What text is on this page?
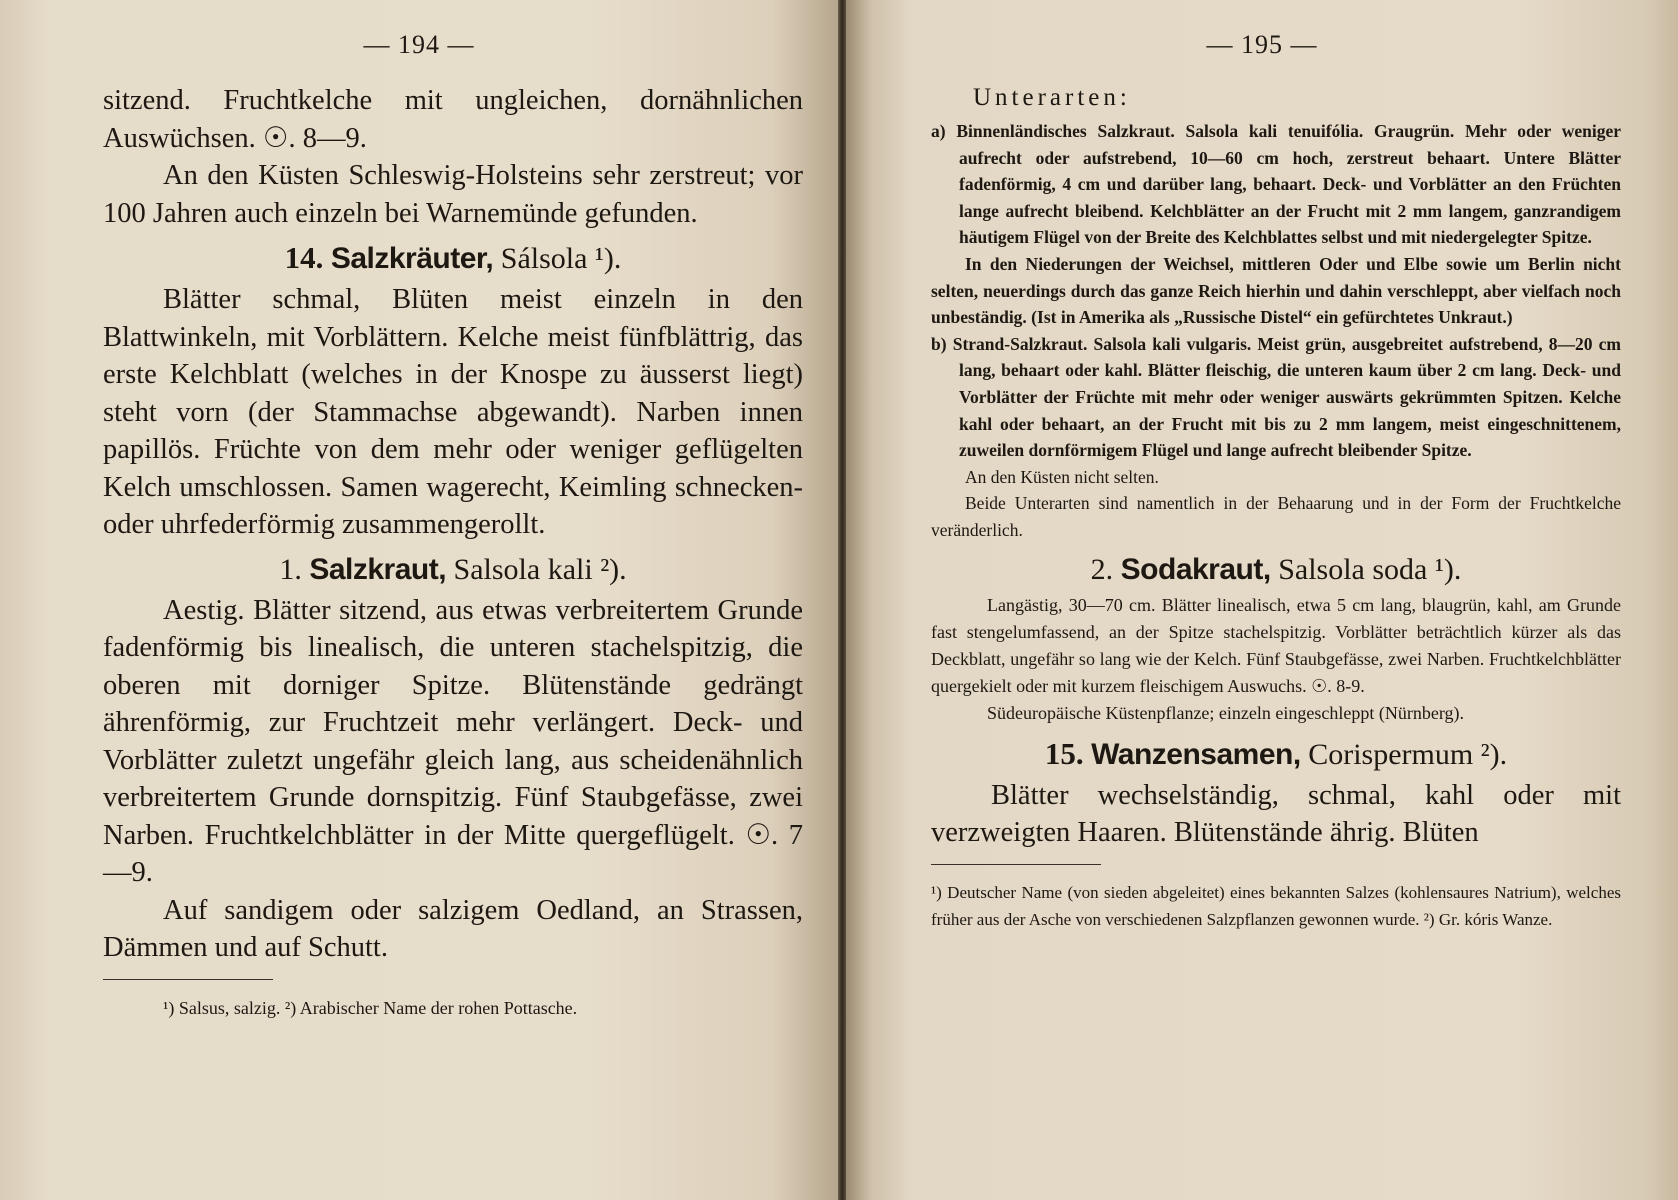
— 194 —

sitzend. Fruchtkelche mit ungleichen, dornähnlichen Auswüchsen. ☉. 8—9.

An den Küsten Schleswig-Holsteins sehr zerstreut; vor 100 Jahren auch einzeln bei Warnemünde gefunden.

14. Salzkräuter, Sálsola ¹).

Blätter schmal, Blüten meist einzeln in den Blattwinkeln, mit Vorblättern. Kelche meist fünfblättrig, das erste Kelchblatt (welches in der Knospe zu äusserst liegt) steht vorn (der Stammachse abgewandt). Narben innen papillös. Früchte von dem mehr oder weniger geflügelten Kelch umschlossen. Samen wagerecht, Keimling schnecken- oder uhrfederförmig zusammengerollt.

1. Salzkraut, Salsola kali ²).

Aestig. Blätter sitzend, aus etwas verbreitertem Grunde fadenförmig bis linealisch, die unteren stachelspitzig, die oberen mit dorniger Spitze. Blütenstände gedrängt ährenförmig, zur Fruchtzeit mehr verlängert. Deck- und Vorblätter zuletzt ungefähr gleich lang, aus scheidenähnlich verbreitertem Grunde dornspitzig. Fünf Staubgefässe, zwei Narben. Fruchtkelchblätter in der Mitte quergeflügelt. ☉. 7—9.

Auf sandigem oder salzigem Oedland, an Strassen, Dämmen und auf Schutt.

¹) Salsus, salzig. ²) Arabischer Name der rohen Pottasche.
— 195 —
Unterarten:

a) Binnenländisches Salzkraut. Salsola kali tenuifólia. Graugrün. Mehr oder weniger aufrecht oder aufstrebend, 10—60 cm hoch, zerstreut behaart. Untere Blätter fadenförmig, 4 cm und darüber lang, behaart. Deck- und Vorblätter an den Früchten lange aufrecht bleibend. Kelchblätter an der Frucht mit 2 mm langem, ganzrandigem häutigem Flügel von der Breite des Kelchblattes selbst und mit niedergelegter Spitze.

In den Niederungen der Weichsel, mittleren Oder und Elbe sowie um Berlin nicht selten, neuerdings durch das ganze Reich hierhin und dahin verschleppt, aber vielfach noch unbeständig. (Ist in Amerika als „Russische Distel“ ein gefürchtetes Unkraut.)

b) Strand-Salzkraut. Salsola kali vulgaris. Meist grün, ausgebreitet aufstrebend, 8—20 cm lang, behaart oder kahl. Blätter fleischig, die unteren kaum über 2 cm lang. Deck- und Vorblätter der Früchte mit mehr oder weniger auswärts gekrümmten Spitzen. Kelche kahl oder behaart, an der Frucht mit bis zu 2 mm langem, meist eingeschnittenem, zuweilen dornförmigem Flügel und lange aufrecht bleibender Spitze.

An den Küsten nicht selten.

Beide Unterarten sind namentlich in der Behaarung und in der Form der Fruchtkelche veränderlich.

2. Sodakraut, Salsola soda ¹).

Langästig, 30—70 cm. Blätter linealisch, etwa 5 cm lang, blaugrün, kahl, am Grunde fast stengelumfassend, an der Spitze stachelspitzig. Vorblätter beträchtlich kürzer als das Deckblatt, ungefähr so lang wie der Kelch. Fünf Staubgefässe, zwei Narben. Fruchtkelchblätter quergekielt oder mit kurzem fleischigem Auswuchs. ☉. 8-9.

Südeuropäische Küstenpflanze; einzeln eingeschleppt (Nürnberg).

15. Wanzensamen, Corispermum ²).

Blätter wechselständig, schmal, kahl oder mit verzweigten Haaren. Blütenstände ährig. Blüten

¹) Deutscher Name (von sieden abgeleitet) eines bekannten Salzes (kohlensaures Natrium), welches früher aus der Asche von verschiedenen Salzpflanzen gewonnen wurde. ²) Gr. kóris Wanze.
